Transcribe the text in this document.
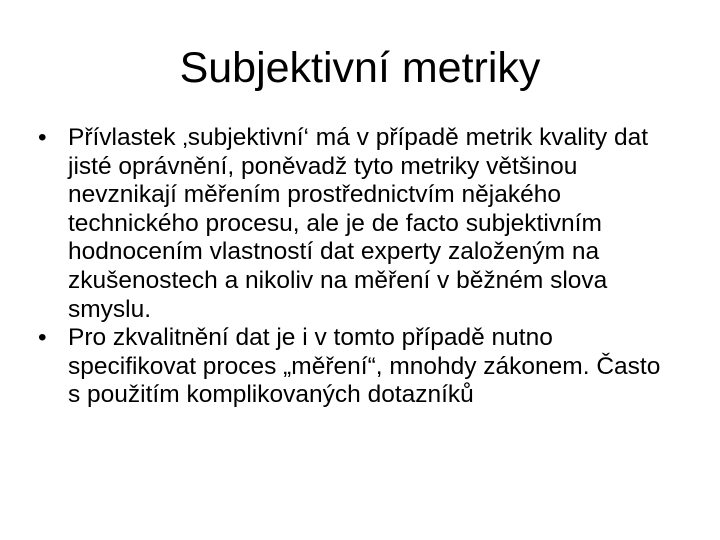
Subjektivní metriky
• Přívlastek ‚subjektivní‘ má v případě metrik kvality dat jisté oprávnění, poněvadž tyto metriky většinou nevznikají měřením prostřednictvím nějakého technického procesu, ale je de facto subjektivním hodnocením vlastností dat experty založeným na zkušenostech a nikoliv na měření v běžném slova smyslu.
• Pro zkvalitnění dat je i v tomto případě nutno specifikovat proces „měření“, mnohdy zákonem. Často s použitím komplikovaných dotazníků
